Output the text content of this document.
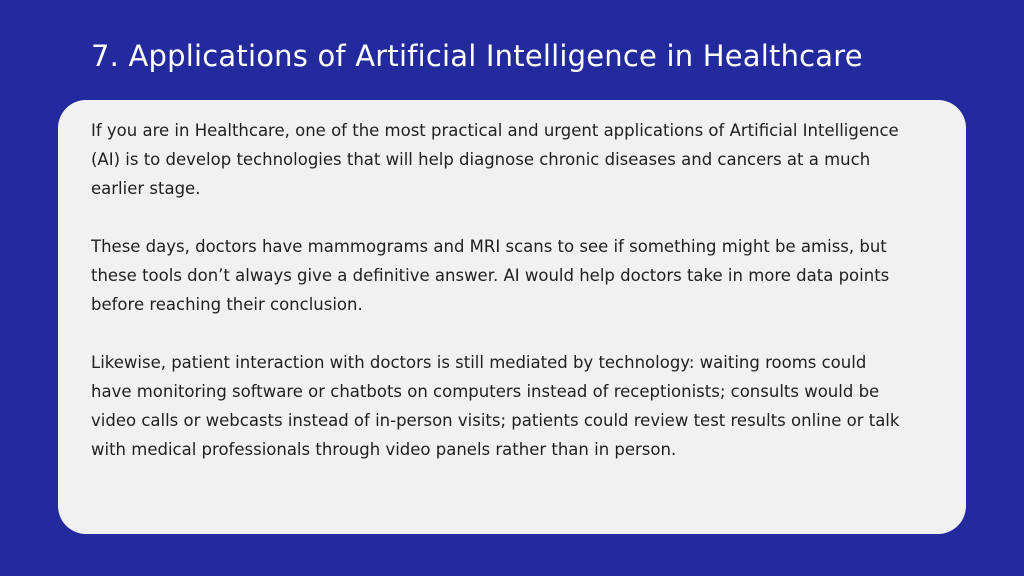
7. Applications of Artificial Intelligence in Healthcare

If you are in Healthcare, one of the most practical and urgent applications of Artificial Intelligence (AI) is to develop technologies that will help diagnose chronic diseases and cancers at a much earlier stage.

These days, doctors have mammograms and MRI scans to see if something might be amiss, but these tools don’t always give a definitive answer. AI would help doctors take in more data points before reaching their conclusion.

Likewise, patient interaction with doctors is still mediated by technology: waiting rooms could have monitoring software or chatbots on computers instead of receptionists; consults would be video calls or webcasts instead of in-person visits; patients could review test results online or talk with medical professionals through video panels rather than in person.
